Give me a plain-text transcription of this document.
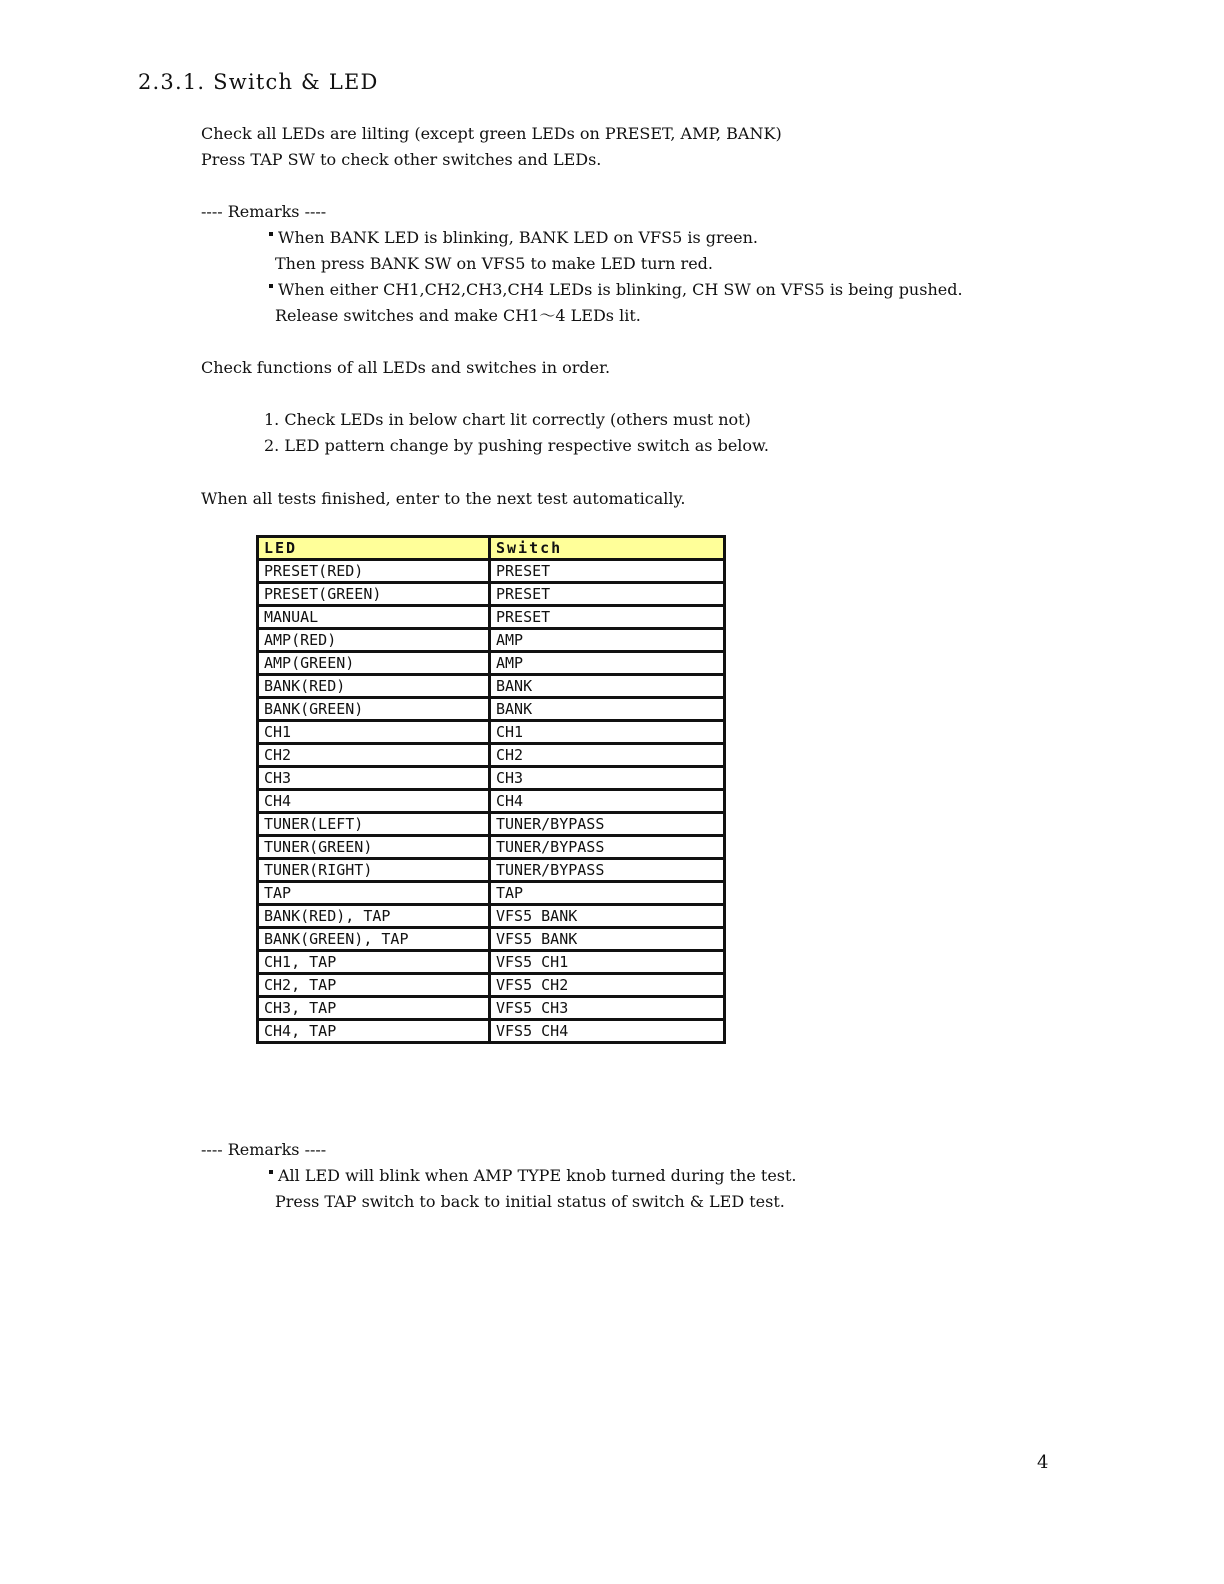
2.3.1. Switch & LED
Check all LEDs are lilting (except green LEDs on PRESET, AMP, BANK)
Press TAP SW to check other switches and LEDs.
---- Remarks ----
When BANK LED is blinking, BANK LED on VFS5 is green.
Then press BANK SW on VFS5 to make LED turn red.
When either CH1,CH2,CH3,CH4 LEDs is blinking, CH SW on VFS5 is being pushed.
Release switches and make CH1～4 LEDs lit.
Check functions of all LEDs and switches in order.
1. Check LEDs in below chart lit correctly (others must not)
2. LED pattern change by pushing respective switch as below.
When all tests finished, enter to the next test automatically.
LED	Switch
PRESET(RED)	PRESET
PRESET(GREEN)	PRESET
MANUAL	PRESET
AMP(RED)	AMP
AMP(GREEN)	AMP
BANK(RED)	BANK
BANK(GREEN)	BANK
CH1	CH1
CH2	CH2
CH3	CH3
CH4	CH4
TUNER(LEFT)	TUNER/BYPASS
TUNER(GREEN)	TUNER/BYPASS
TUNER(RIGHT)	TUNER/BYPASS
TAP	TAP
BANK(RED), TAP	VFS5 BANK
BANK(GREEN), TAP	VFS5 BANK
CH1, TAP	VFS5 CH1
CH2, TAP	VFS5 CH2
CH3, TAP	VFS5 CH3
CH4, TAP	VFS5 CH4
---- Remarks ----
All LED will blink when AMP TYPE knob turned during the test.
Press TAP switch to back to initial status of switch & LED test.
4
